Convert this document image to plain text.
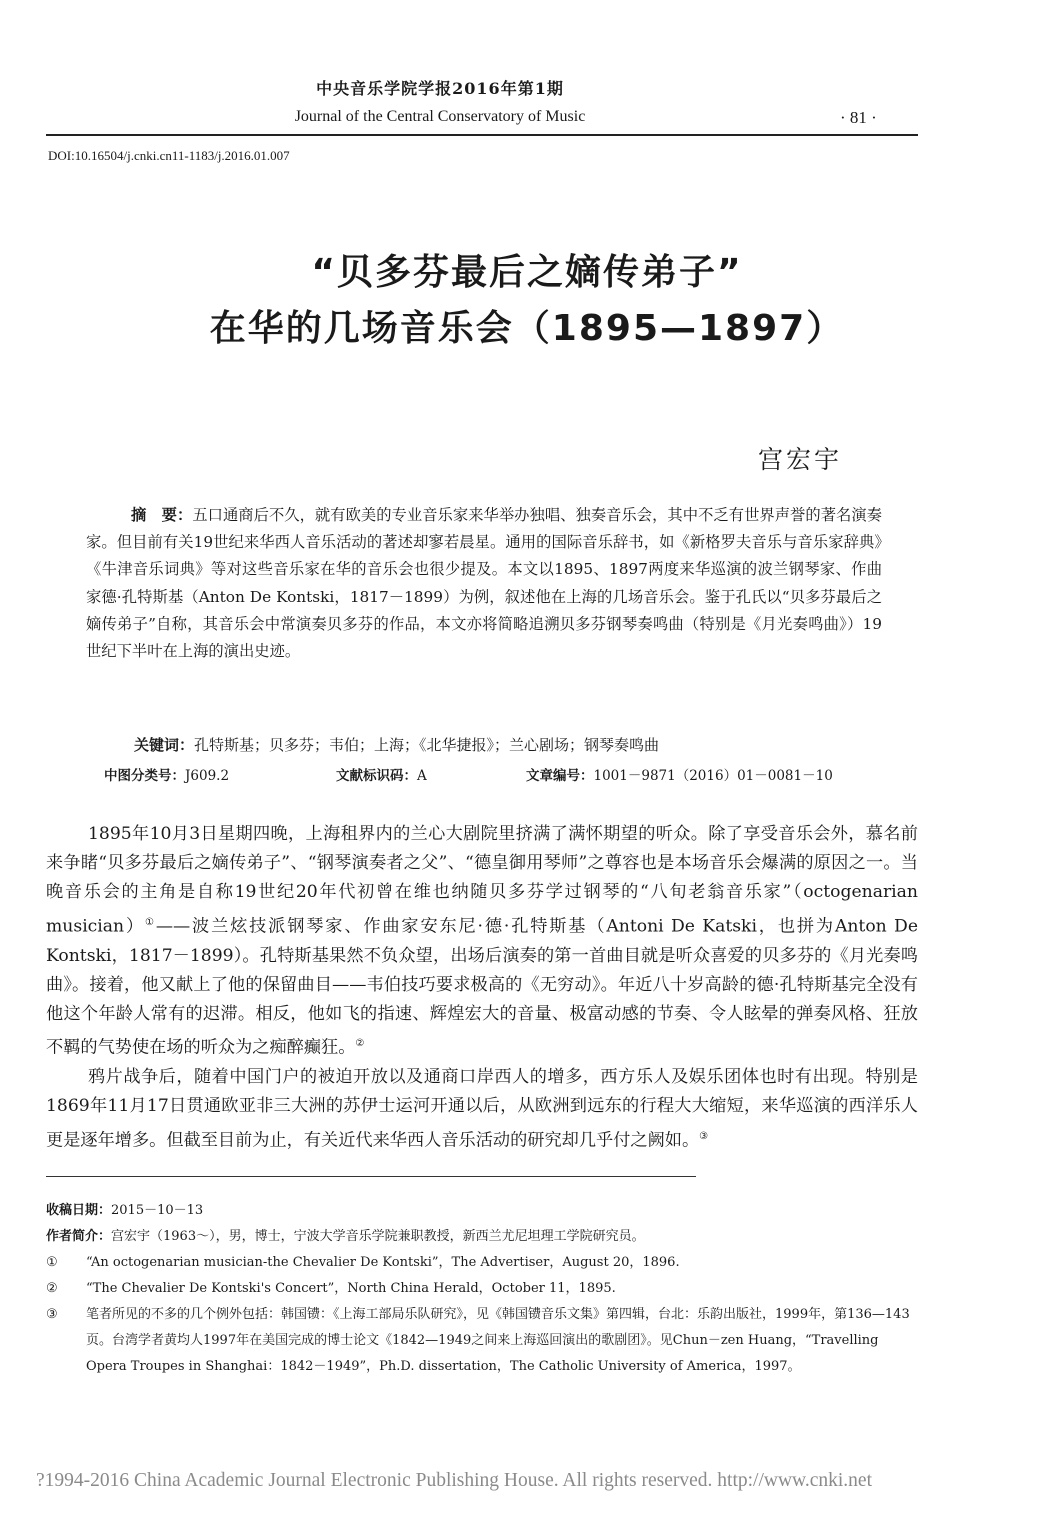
中央音乐学院学报2016年第1期
Journal of the Central Conservatory of Music	· 81 ·
DOI:10.16504/j.cnki.cn11-1183/j.2016.01.007
“贝多芬最后之嫡传弟子”
在华的几场音乐会（1895—1897）
宫宏宇
摘　要：五口通商后不久，就有欧美的专业音乐家来华举办独唱、独奏音乐会，其中不乏有世界声誉的著名演奏家。但目前有关19世纪来华西人音乐活动的著述却寥若晨星。通用的国际音乐辞书，如《新格罗夫音乐与音乐家辞典》《牛津音乐词典》等对这些音乐家在华的音乐会也很少提及。本文以1895、1897两度来华巡演的波兰钢琴家、作曲家德·孔特斯基（Anton De Kontski，1817－1899）为例，叙述他在上海的几场音乐会。鉴于孔氏以“贝多芬最后之嫡传弟子”自称，其音乐会中常演奏贝多芬的作品，本文亦将简略追溯贝多芬钢琴奏鸣曲（特别是《月光奏鸣曲》）19世纪下半叶在上海的演出史迹。
关键词：孔特斯基；贝多芬；韦伯；上海；《北华捷报》；兰心剧场；钢琴奏鸣曲
中图分类号：J609.2	文献标识码：A	文章编号：1001－9871（2016）01－0081－10

1895年10月3日星期四晚，上海租界内的兰心大剧院里挤满了满怀期望的听众。除了享受音乐会外，慕名前来争睹“贝多芬最后之嫡传弟子”、“钢琴演奏者之父”、“德皇御用琴师”之尊容也是本场音乐会爆满的原因之一。当晚音乐会的主角是自称19世纪20年代初曾在维也纳随贝多芬学过钢琴的“八旬老翁音乐家”（octogenarian musician）①——波兰炫技派钢琴家、作曲家安东尼·德·孔特斯基（Antoni De Katski，也拼为Anton De Kontski，1817－1899）。孔特斯基果然不负众望，出场后演奏的第一首曲目就是听众喜爱的贝多芬的《月光奏鸣曲》。接着，他又献上了他的保留曲目——韦伯技巧要求极高的《无穷动》。年近八十岁高龄的德·孔特斯基完全没有他这个年龄人常有的迟滞。相反，他如飞的指速、辉煌宏大的音量、极富动感的节奏、令人眩晕的弹奏风格、狂放不羁的气势使在场的听众为之痴醉癫狂。②

鸦片战争后，随着中国门户的被迫开放以及通商口岸西人的增多，西方乐人及娱乐团体也时有出现。特别是1869年11月17日贯通欧亚非三大洲的苏伊士运河开通以后，从欧洲到远东的行程大大缩短，来华巡演的西洋乐人更是逐年增多。但截至目前为止，有关近代来华西人音乐活动的研究却几乎付之阙如。③

收稿日期：2015－10－13
作者简介：宫宏宇（1963～），男，博士，宁波大学音乐学院兼职教授，新西兰尤尼坦理工学院研究员。
①	“An octogenarian musician-the Chevalier De Kontski”，The Advertiser，August 20，1896.
②	“The Chevalier De Kontski's Concert”，North China Herald，October 11，1895.
③	笔者所见的不多的几个例外包括：韩国镄：《上海工部局乐队研究》，见《韩国镄音乐文集》第四辑，台北：乐韵出版社，1999年，第136—143页。台湾学者黄均人1997年在美国完成的博士论文《1842—1949之间来上海巡回演出的歌剧团》。见Chun－zen Huang，“Travelling Opera Troupes in Shanghai：1842－1949”，Ph.D. dissertation，The Catholic University of America，1997。
?1994-2016 China Academic Journal Electronic Publishing House. All rights reserved. http://www.cnki.net
